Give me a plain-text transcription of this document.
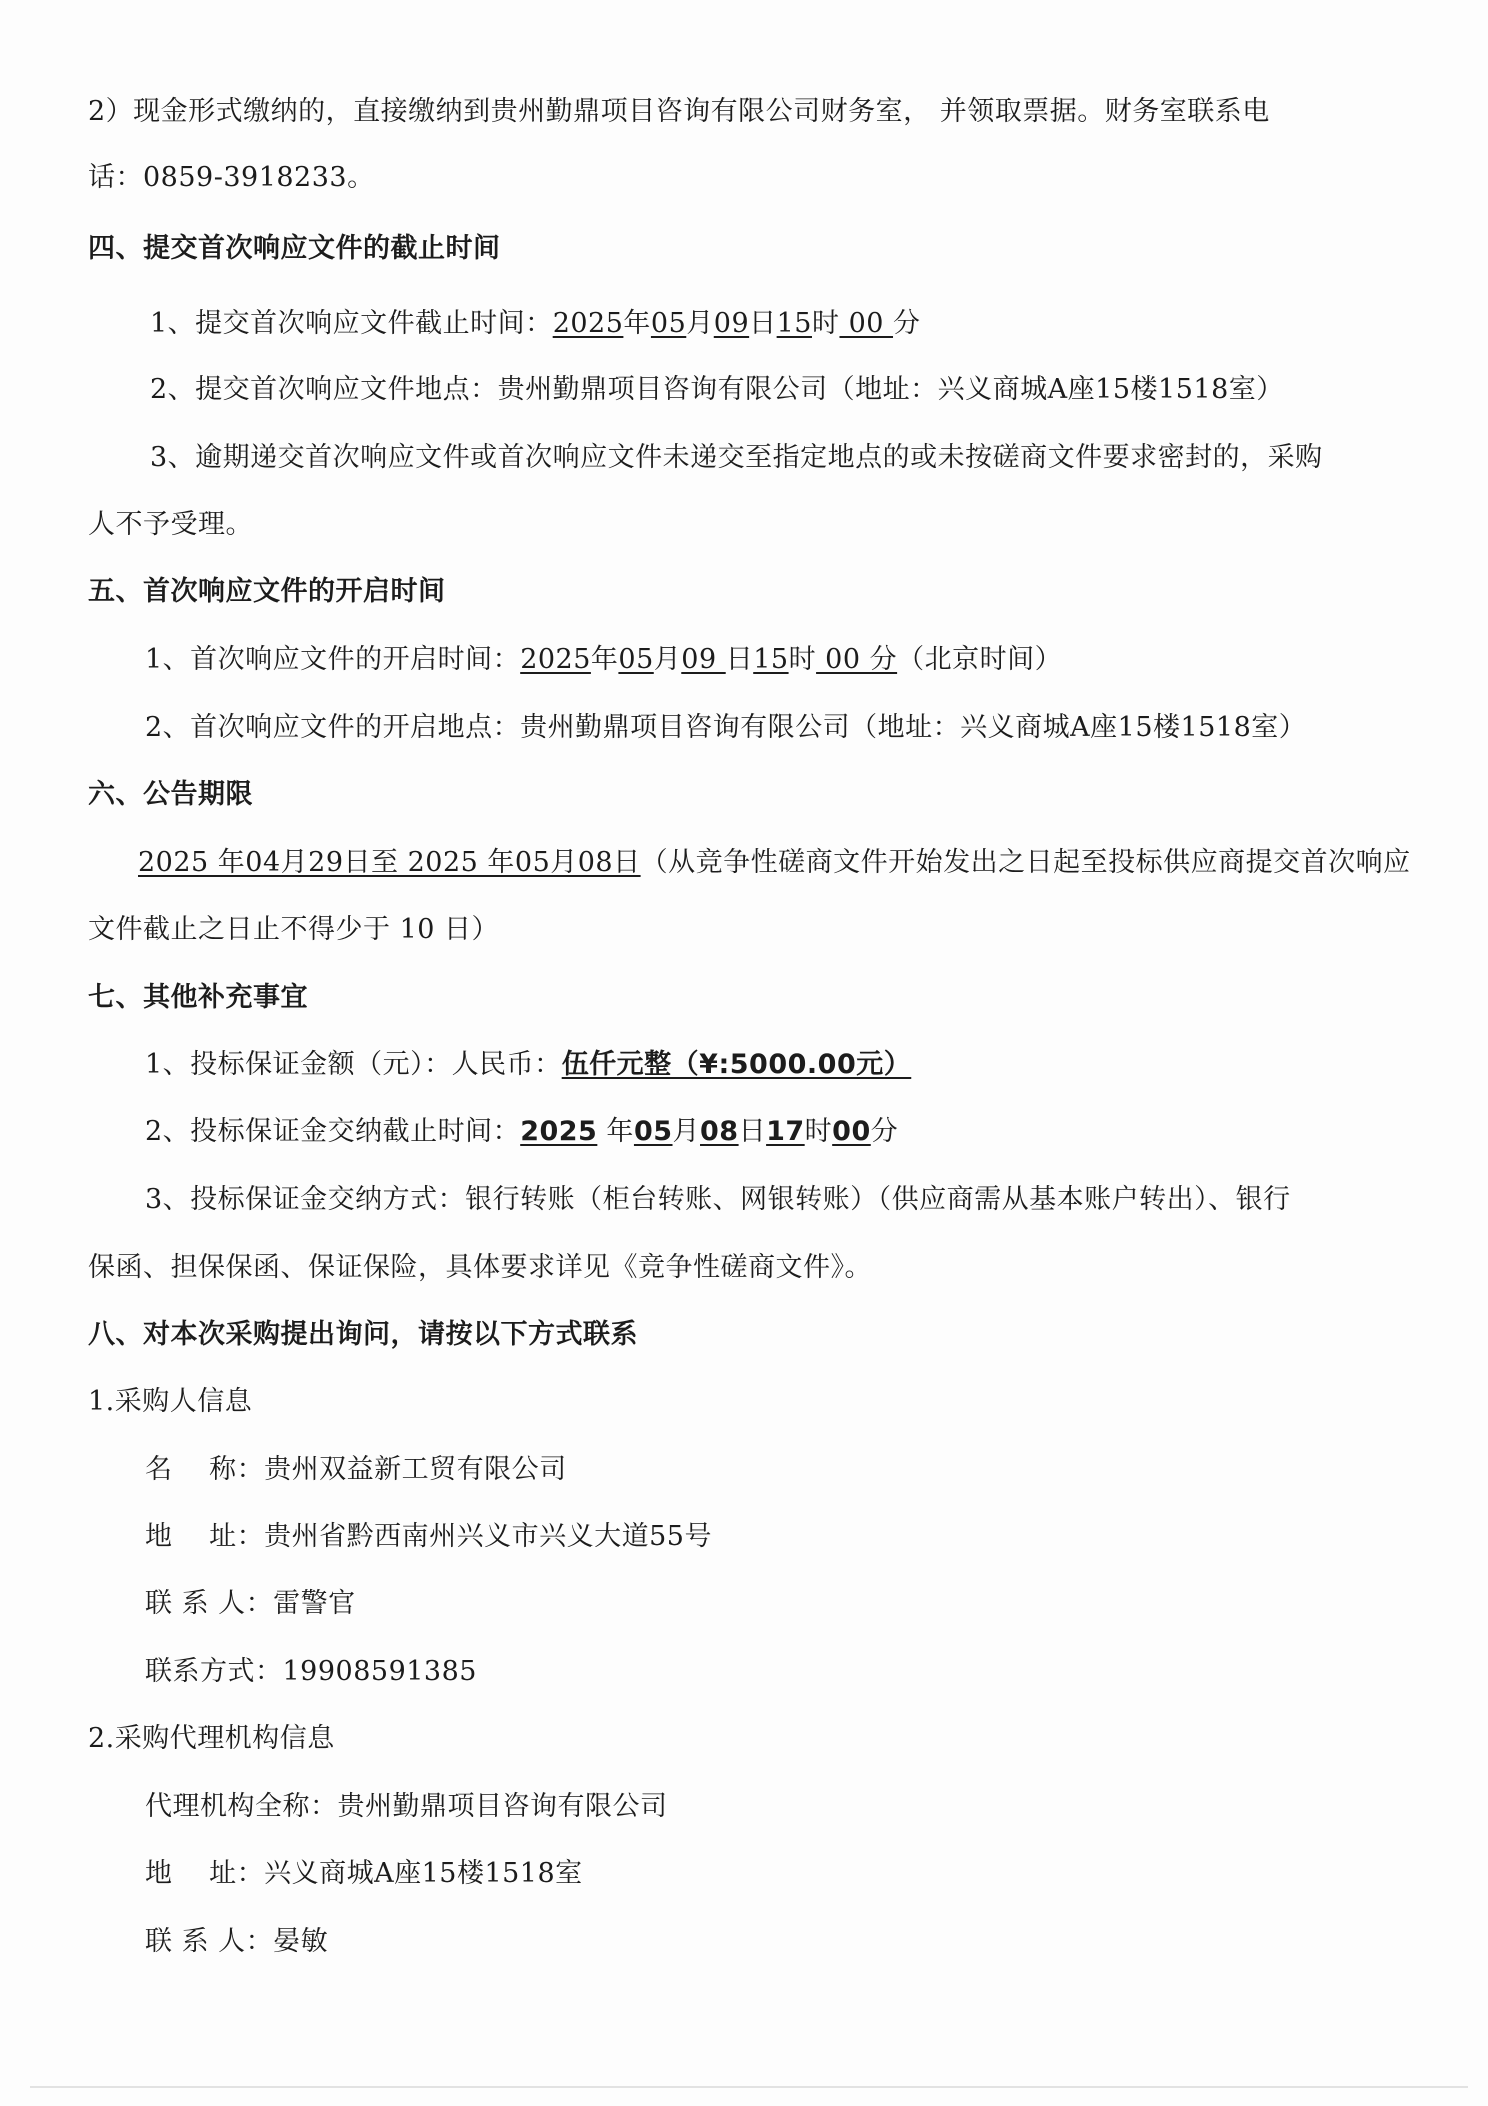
2）现金形式缴纳的，直接缴纳到贵州勤鼎项目咨询有限公司财务室， 并领取票据。财务室联系电
话：0859-3918233。
四、提交首次响应文件的截止时间
1、提交首次响应文件截止时间：2025年05月09日15时 00 分
2、提交首次响应文件地点：贵州勤鼎项目咨询有限公司（地址：兴义商城A座15楼1518室）
3、逾期递交首次响应文件或首次响应文件未递交至指定地点的或未按磋商文件要求密封的，采购
人不予受理。
五、首次响应文件的开启时间
1、首次响应文件的开启时间：2025年05月09 日15时 00 分（北京时间）
2、首次响应文件的开启地点：贵州勤鼎项目咨询有限公司（地址：兴义商城A座15楼1518室）
六、公告期限
2025 年04月29日至 2025 年05月08日（从竞争性磋商文件开始发出之日起至投标供应商提交首次响应
文件截止之日止不得少于 10 日）
七、其他补充事宜
1、投标保证金额（元）：人民币：伍仟元整（¥:5000.00元）
2、投标保证金交纳截止时间：2025 年05月08日17时00分
3、投标保证金交纳方式：银行转账（柜台转账、网银转账）（供应商需从基本账户转出）、银行
保函、担保保函、保证保险，具体要求详见《竞争性磋商文件》。
八、对本次采购提出询问，请按以下方式联系
1.采购人信息
名　 称：贵州双益新工贸有限公司
地　 址：贵州省黔西南州兴义市兴义大道55号
联 系 人：雷警官
联系方式：19908591385
2.采购代理机构信息
代理机构全称：贵州勤鼎项目咨询有限公司
地　 址：兴义商城A座15楼1518室
联 系 人：晏敏
